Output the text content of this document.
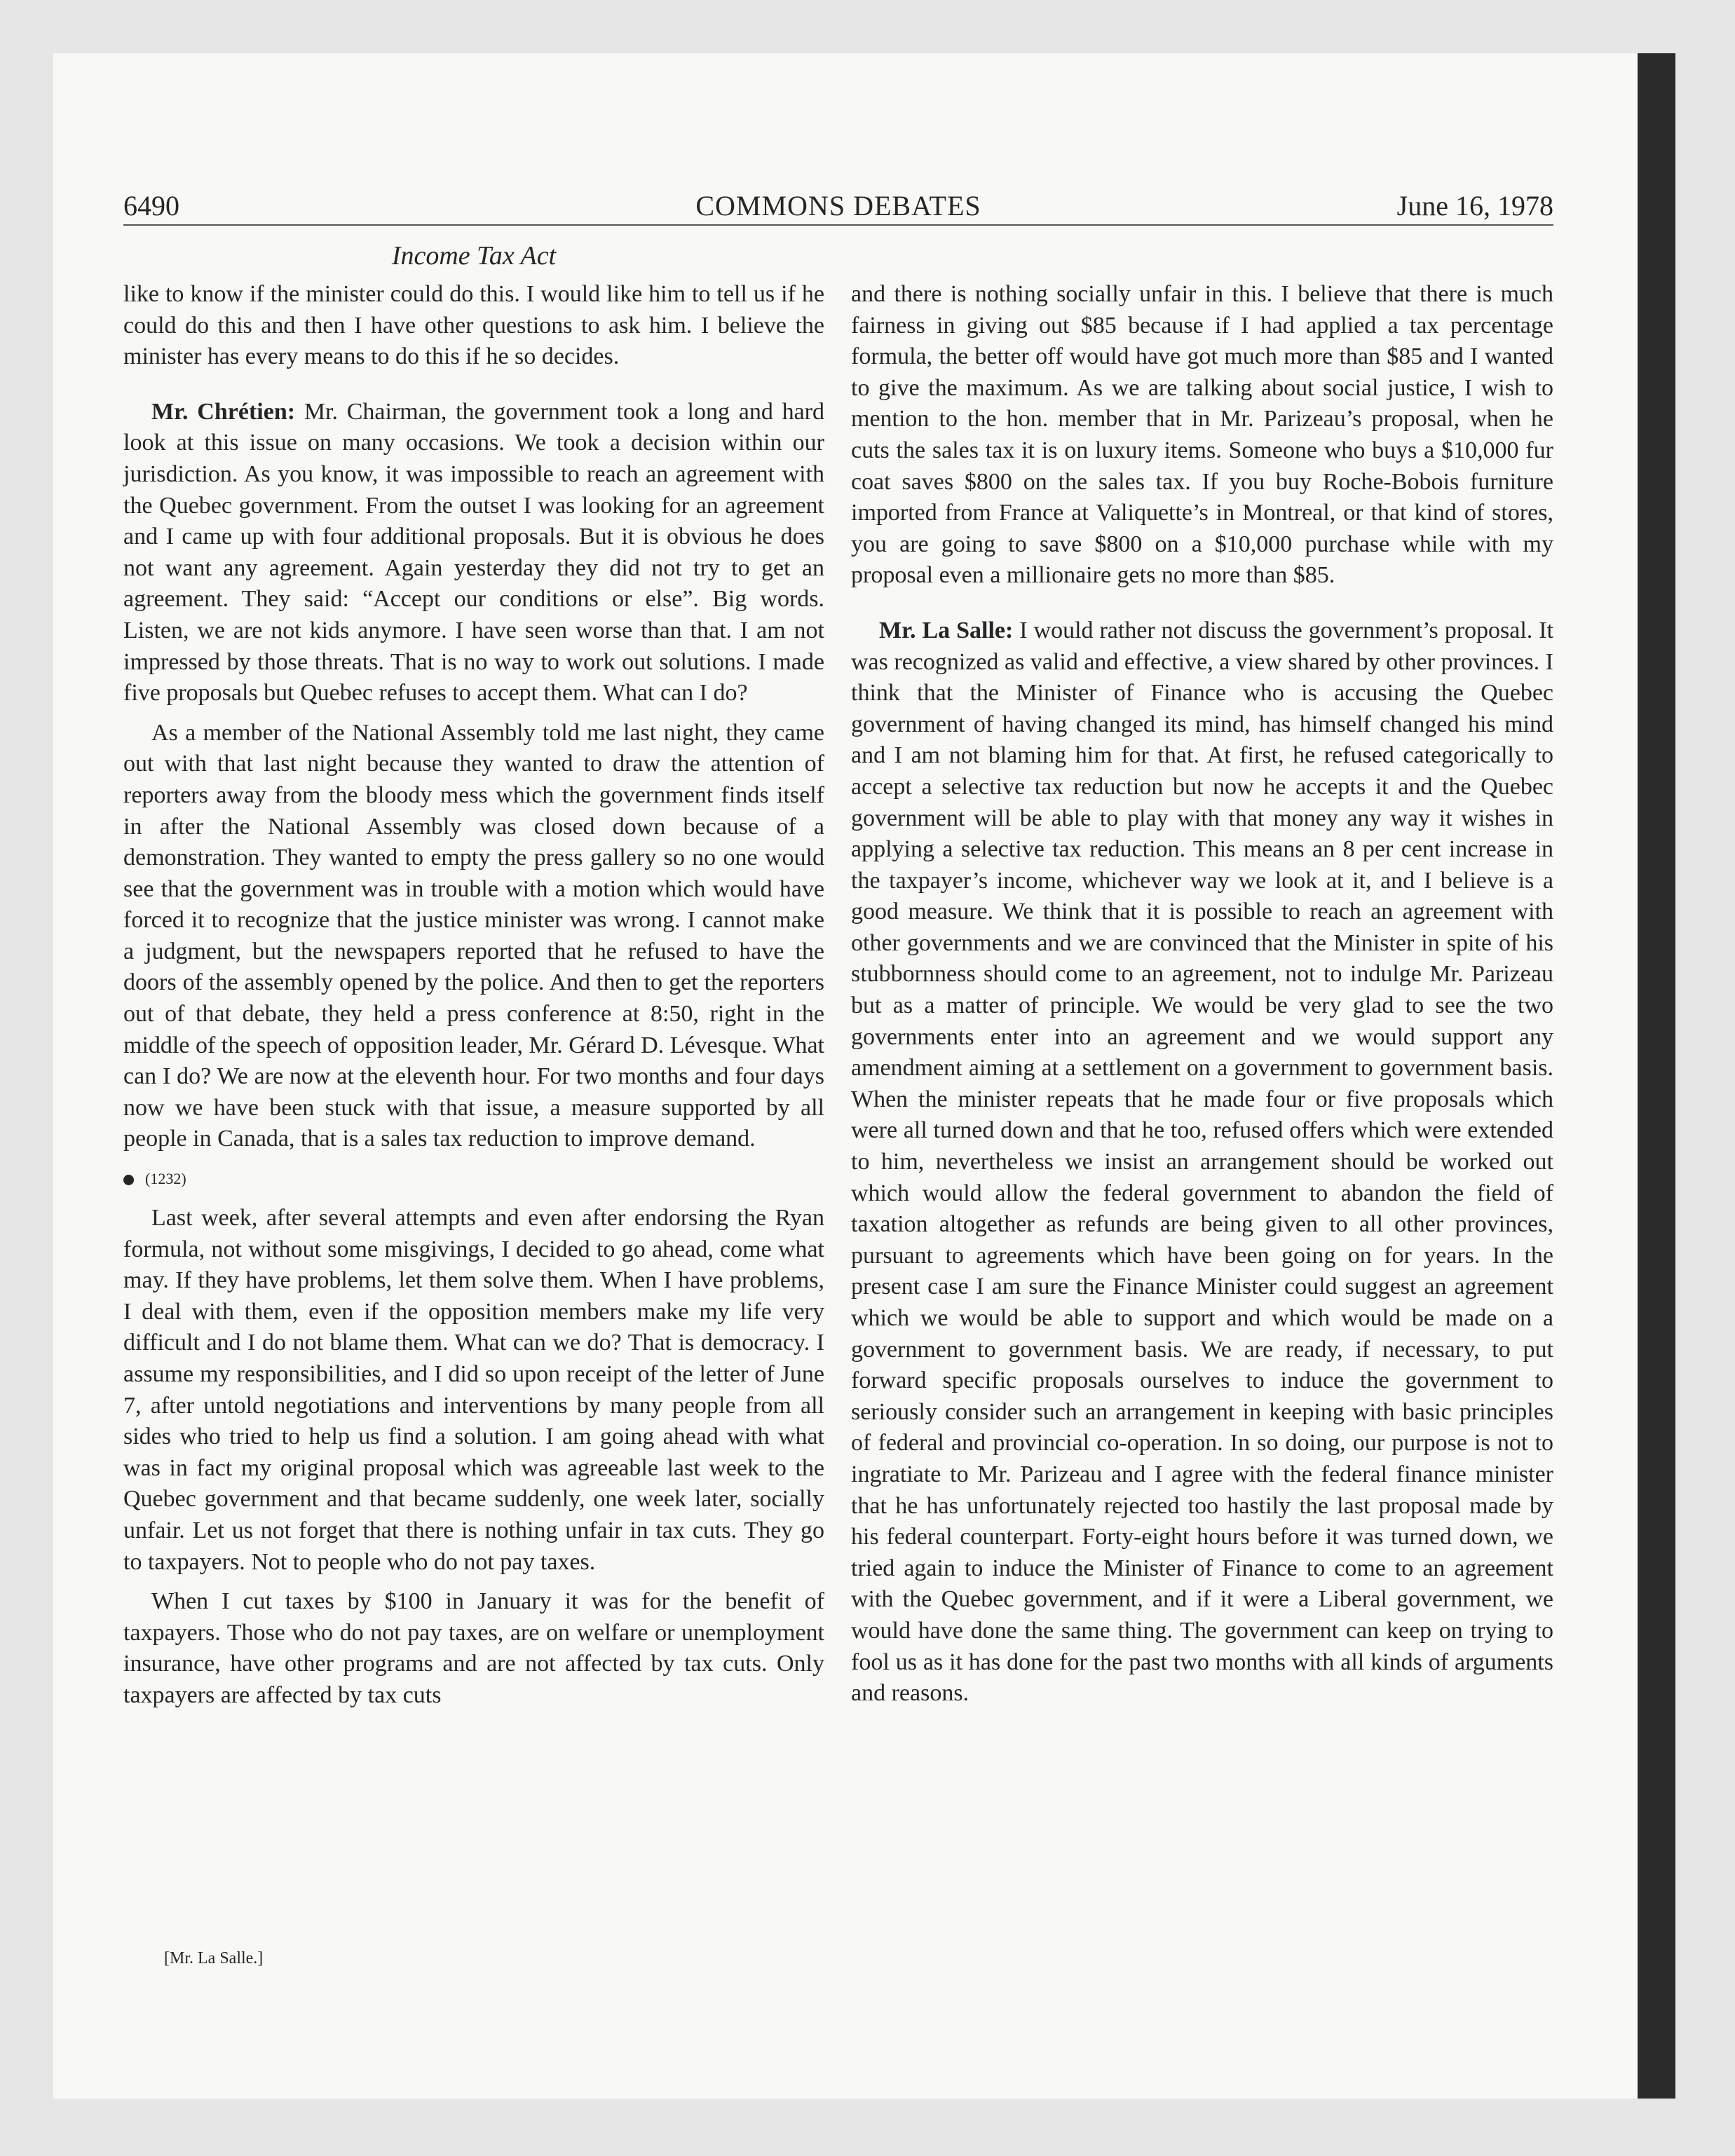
6490	COMMONS DEBATES	June 16, 1978
Income Tax Act

like to know if the minister could do this. I would like him to tell us if he could do this and then I have other questions to ask him. I believe the minister has every means to do this if he so decides.

Mr. Chrétien: Mr. Chairman, the government took a long and hard look at this issue on many occasions. We took a decision within our jurisdiction. As you know, it was impossible to reach an agreement with the Quebec government. From the outset I was looking for an agreement and I came up with four additional proposals. But it is obvious he does not want any agreement. Again yesterday they did not try to get an agreement. They said: “Accept our conditions or else”. Big words. Listen, we are not kids anymore. I have seen worse than that. I am not impressed by those threats. That is no way to work out solutions. I made five proposals but Quebec refuses to accept them. What can I do?

As a member of the National Assembly told me last night, they came out with that last night because they wanted to draw the attention of reporters away from the bloody mess which the government finds itself in after the National Assembly was closed down because of a demonstration. They wanted to empty the press gallery so no one would see that the government was in trouble with a motion which would have forced it to recognize that the justice minister was wrong. I cannot make a judgment, but the newspapers reported that he refused to have the doors of the assembly opened by the police. And then to get the reporters out of that debate, they held a press conference at 8:50, right in the middle of the speech of opposition leader, Mr. Gérard D. Lévesque. What can I do? We are now at the eleventh hour. For two months and four days now we have been stuck with that issue, a measure supported by all people in Canada, that is a sales tax reduction to improve demand.

(1232)

Last week, after several attempts and even after endorsing the Ryan formula, not without some misgivings, I decided to go ahead, come what may. If they have problems, let them solve them. When I have problems, I deal with them, even if the opposition members make my life very difficult and I do not blame them. What can we do? That is democracy. I assume my responsibilities, and I did so upon receipt of the letter of June 7, after untold negotiations and interventions by many people from all sides who tried to help us find a solution. I am going ahead with what was in fact my original proposal which was agreeable last week to the Quebec government and that became suddenly, one week later, socially unfair. Let us not forget that there is nothing unfair in tax cuts. They go to taxpayers. Not to people who do not pay taxes.

When I cut taxes by $100 in January it was for the benefit of taxpayers. Those who do not pay taxes, are on welfare or unemployment insurance, have other programs and are not affected by tax cuts. Only taxpayers are affected by tax cuts

[Mr. La Salle.]

and there is nothing socially unfair in this. I believe that there is much fairness in giving out $85 because if I had applied a tax percentage formula, the better off would have got much more than $85 and I wanted to give the maximum. As we are talking about social justice, I wish to mention to the hon. member that in Mr. Parizeau’s proposal, when he cuts the sales tax it is on luxury items. Someone who buys a $10,000 fur coat saves $800 on the sales tax. If you buy Roche-Bobois furniture imported from France at Valiquette’s in Montreal, or that kind of stores, you are going to save $800 on a $10,000 purchase while with my proposal even a millionaire gets no more than $85.

Mr. La Salle: I would rather not discuss the government’s proposal. It was recognized as valid and effective, a view shared by other provinces. I think that the Minister of Finance who is accusing the Quebec government of having changed its mind, has himself changed his mind and I am not blaming him for that. At first, he refused categorically to accept a selective tax reduction but now he accepts it and the Quebec government will be able to play with that money any way it wishes in applying a selective tax reduction. This means an 8 per cent increase in the taxpayer’s income, whichever way we look at it, and I believe is a good measure. We think that it is possible to reach an agreement with other governments and we are convinced that the Minister in spite of his stubbornness should come to an agreement, not to indulge Mr. Parizeau but as a matter of principle. We would be very glad to see the two governments enter into an agreement and we would support any amendment aiming at a settlement on a government to government basis. When the minister repeats that he made four or five proposals which were all turned down and that he too, refused offers which were extended to him, nevertheless we insist an arrangement should be worked out which would allow the federal government to abandon the field of taxation altogether as refunds are being given to all other provinces, pursuant to agreements which have been going on for years. In the present case I am sure the Finance Minister could suggest an agreement which we would be able to support and which would be made on a government to government basis. We are ready, if necessary, to put forward specific proposals ourselves to induce the government to seriously consider such an arrangement in keeping with basic principles of federal and provincial co-operation. In so doing, our purpose is not to ingratiate to Mr. Parizeau and I agree with the federal finance minister that he has unfortunately rejected too hastily the last proposal made by his federal counterpart. Forty-eight hours before it was turned down, we tried again to induce the Minister of Finance to come to an agreement with the Quebec government, and if it were a Liberal government, we would have done the same thing. The government can keep on trying to fool us as it has done for the past two months with all kinds of arguments and reasons.
